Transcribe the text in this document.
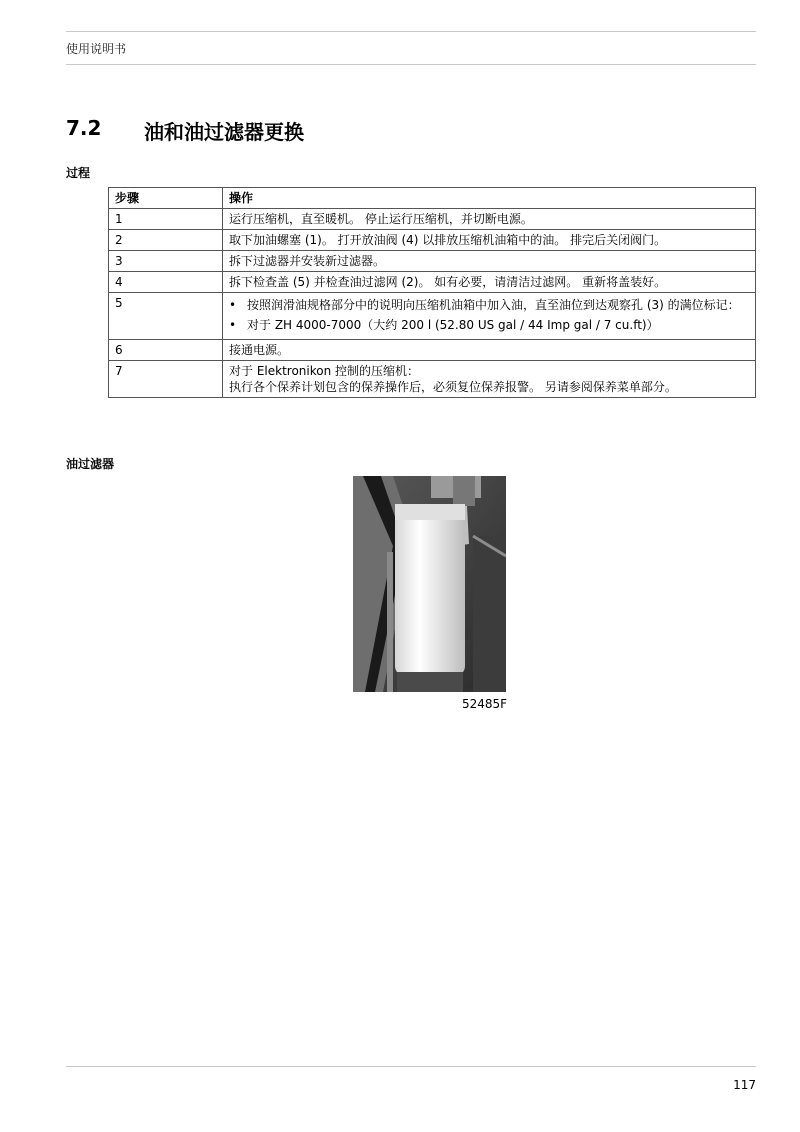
使用说明书
7.2	油和油过滤器更换
过程
步骤	操作
1	运行压缩机，直至暖机。 停止运行压缩机，并切断电源。
2	取下加油螺塞 (1)。 打开放油阀 (4) 以排放压缩机油箱中的油。 排完后关闭阀门。
3	拆下过滤器并安装新过滤器。
4	拆下检查盖 (5) 并检查油过滤网 (2)。 如有必要，请清洁过滤网。 重新将盖装好。
5	• 按照润滑油规格部分中的说明向压缩机油箱中加入油，直至油位到达观察孔 (3) 的满位标记：
• 对于 ZH 4000-7000（大约 200 l (52.80 US gal / 44 Imp gal / 7 cu.ft)）

6	接通电源。
7	对于 Elektronikon 控制的压缩机：
执行各个保养计划包含的保养操作后，必须复位保养报警。 另请参阅保养菜单部分。
油过滤器
52485F
117
